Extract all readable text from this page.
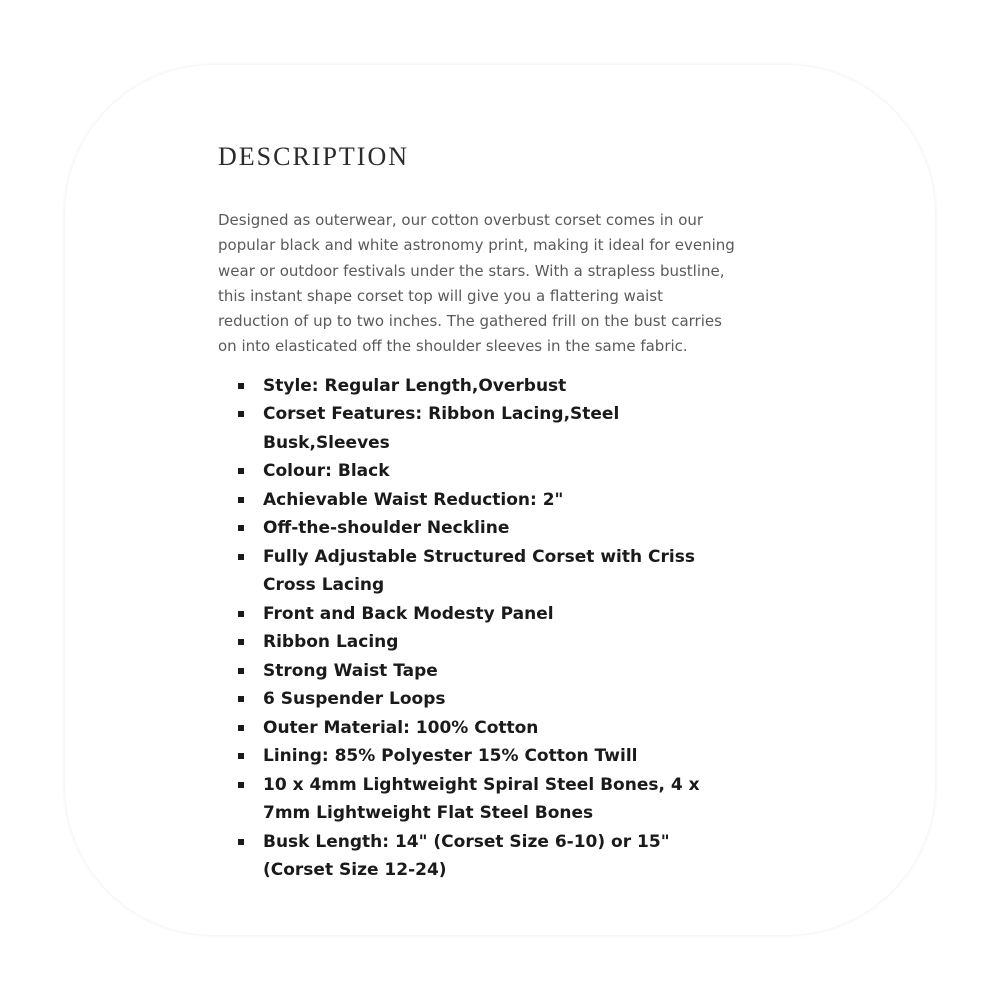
DESCRIPTION

Designed as outerwear, our cotton overbust corset comes in our popular black and white astronomy print, making it ideal for evening wear or outdoor festivals under the stars. With a strapless bustline, this instant shape corset top will give you a flattering waist reduction of up to two inches. The gathered frill on the bust carries on into elasticated off the shoulder sleeves in the same fabric.

Style: Regular Length,Overbust
Corset Features: Ribbon Lacing,Steel Busk,Sleeves
Colour: Black
Achievable Waist Reduction: 2"
Off-the-shoulder Neckline
Fully Adjustable Structured Corset with Criss Cross Lacing
Front and Back Modesty Panel
Ribbon Lacing
Strong Waist Tape
6 Suspender Loops
Outer Material: 100% Cotton
Lining: 85% Polyester 15% Cotton Twill
10 x 4mm Lightweight Spiral Steel Bones, 4 x 7mm Lightweight Flat Steel Bones
Busk Length: 14" (Corset Size 6-10) or 15" (Corset Size 12-24)
